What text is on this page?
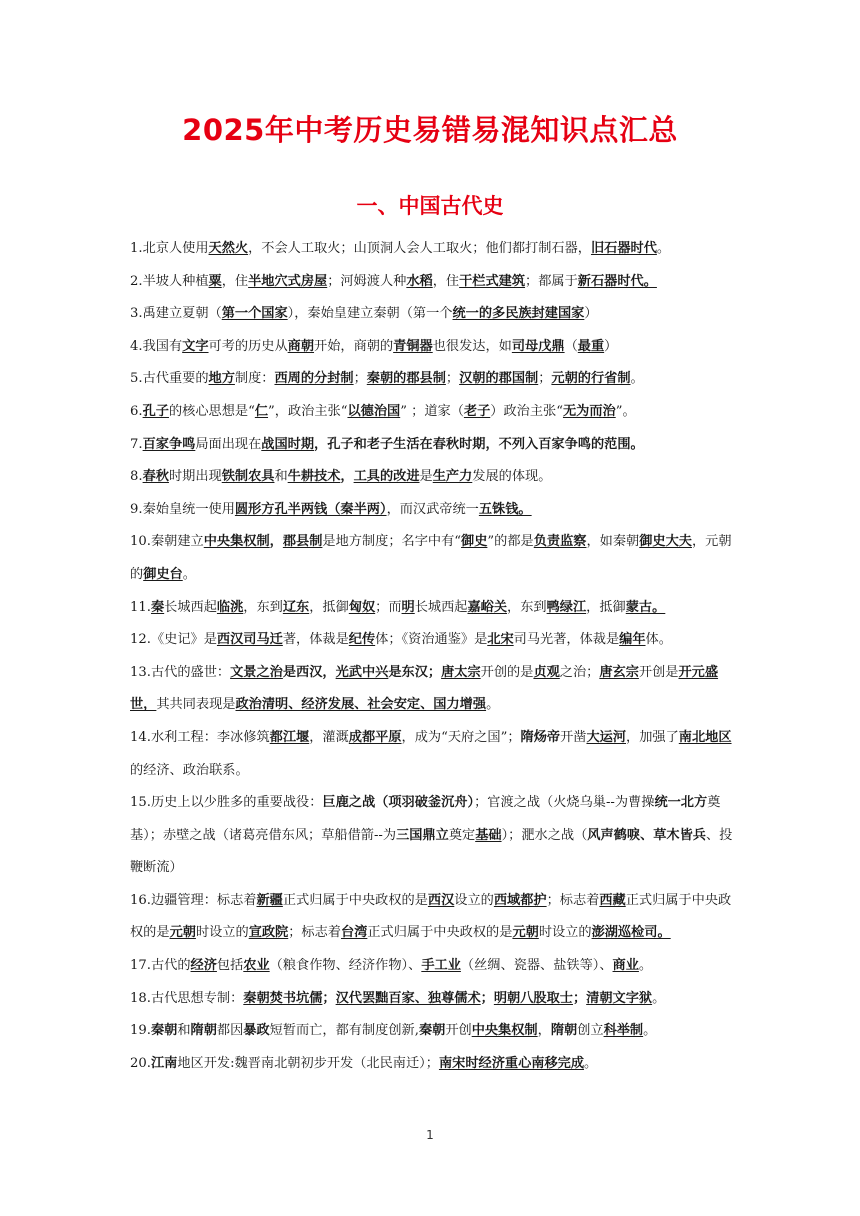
2025年中考历史易错易混知识点汇总
一、中国古代史

1.北京人使用天然火，不会人工取火；山顶洞人会人工取火；他们都打制石器，旧石器时代。

2.半坡人种植粟，住半地穴式房屋；河姆渡人种水稻，住干栏式建筑；都属于新石器时代。

3.禹建立夏朝（第一个国家），秦始皇建立秦朝（第一个统一的多民族封建国家）

4.我国有文字可考的历史从商朝开始，商朝的青铜器也很发达，如司母戊鼎（最重）

5.古代重要的地方制度：西周的分封制；秦朝的郡县制；汉朝的郡国制；元朝的行省制。

6.孔子的核心思想是“仁”，政治主张“以德治国” ；道家（老子）政治主张“无为而治”。

7.百家争鸣局面出现在战国时期，孔子和老子生活在春秋时期，不列入百家争鸣的范围。

8.春秋时期出现铁制农具和牛耕技术，工具的改进是生产力发展的体现。

9.秦始皇统一使用圆形方孔半两钱（秦半两），而汉武帝统一五铢钱。

10.秦朝建立中央集权制，郡县制是地方制度；名字中有“御史”的都是负责监察，如秦朝御史大夫，元朝的御史台。

11.秦长城西起临洮，东到辽东，抵御匈奴；而明长城西起嘉峪关，东到鸭绿江，抵御蒙古。

12.《史记》是西汉司马迁著，体裁是纪传体；《资治通鉴》是北宋司马光著，体裁是编年体。

13.古代的盛世：文景之治是西汉，光武中兴是东汉；唐太宗开创的是贞观之治；唐玄宗开创是开元盛世，其共同表现是政治清明、经济发展、社会安定、国力增强。

14.水利工程：李冰修筑都江堰，灌溉成都平原，成为“天府之国”；隋炀帝开凿大运河，加强了南北地区的经济、政治联系。

15.历史上以少胜多的重要战役：巨鹿之战（项羽破釜沉舟）；官渡之战（火烧乌巢--为曹操统一北方奠基）；赤壁之战（诸葛亮借东风；草船借箭--为三国鼎立奠定基础）；淝水之战（风声鹤唳、草木皆兵、投鞭断流）

16.边疆管理：标志着新疆正式归属于中央政权的是西汉设立的西域都护；标志着西藏正式归属于中央政权的是元朝时设立的宣政院；标志着台湾正式归属于中央政权的是元朝时设立的澎湖巡检司。

17.古代的经济包括农业（粮食作物、经济作物）、手工业（丝绸、瓷器、盐铁等）、商业。

18.古代思想专制：秦朝焚书坑儒；汉代罢黜百家、独尊儒术；明朝八股取士；清朝文字狱。

19.秦朝和隋朝都因暴政短暂而亡，都有制度创新,秦朝开创中央集权制，隋朝创立科举制。

20.江南地区开发:魏晋南北朝初步开发（北民南迁）；南宋时经济重心南移完成。

1
